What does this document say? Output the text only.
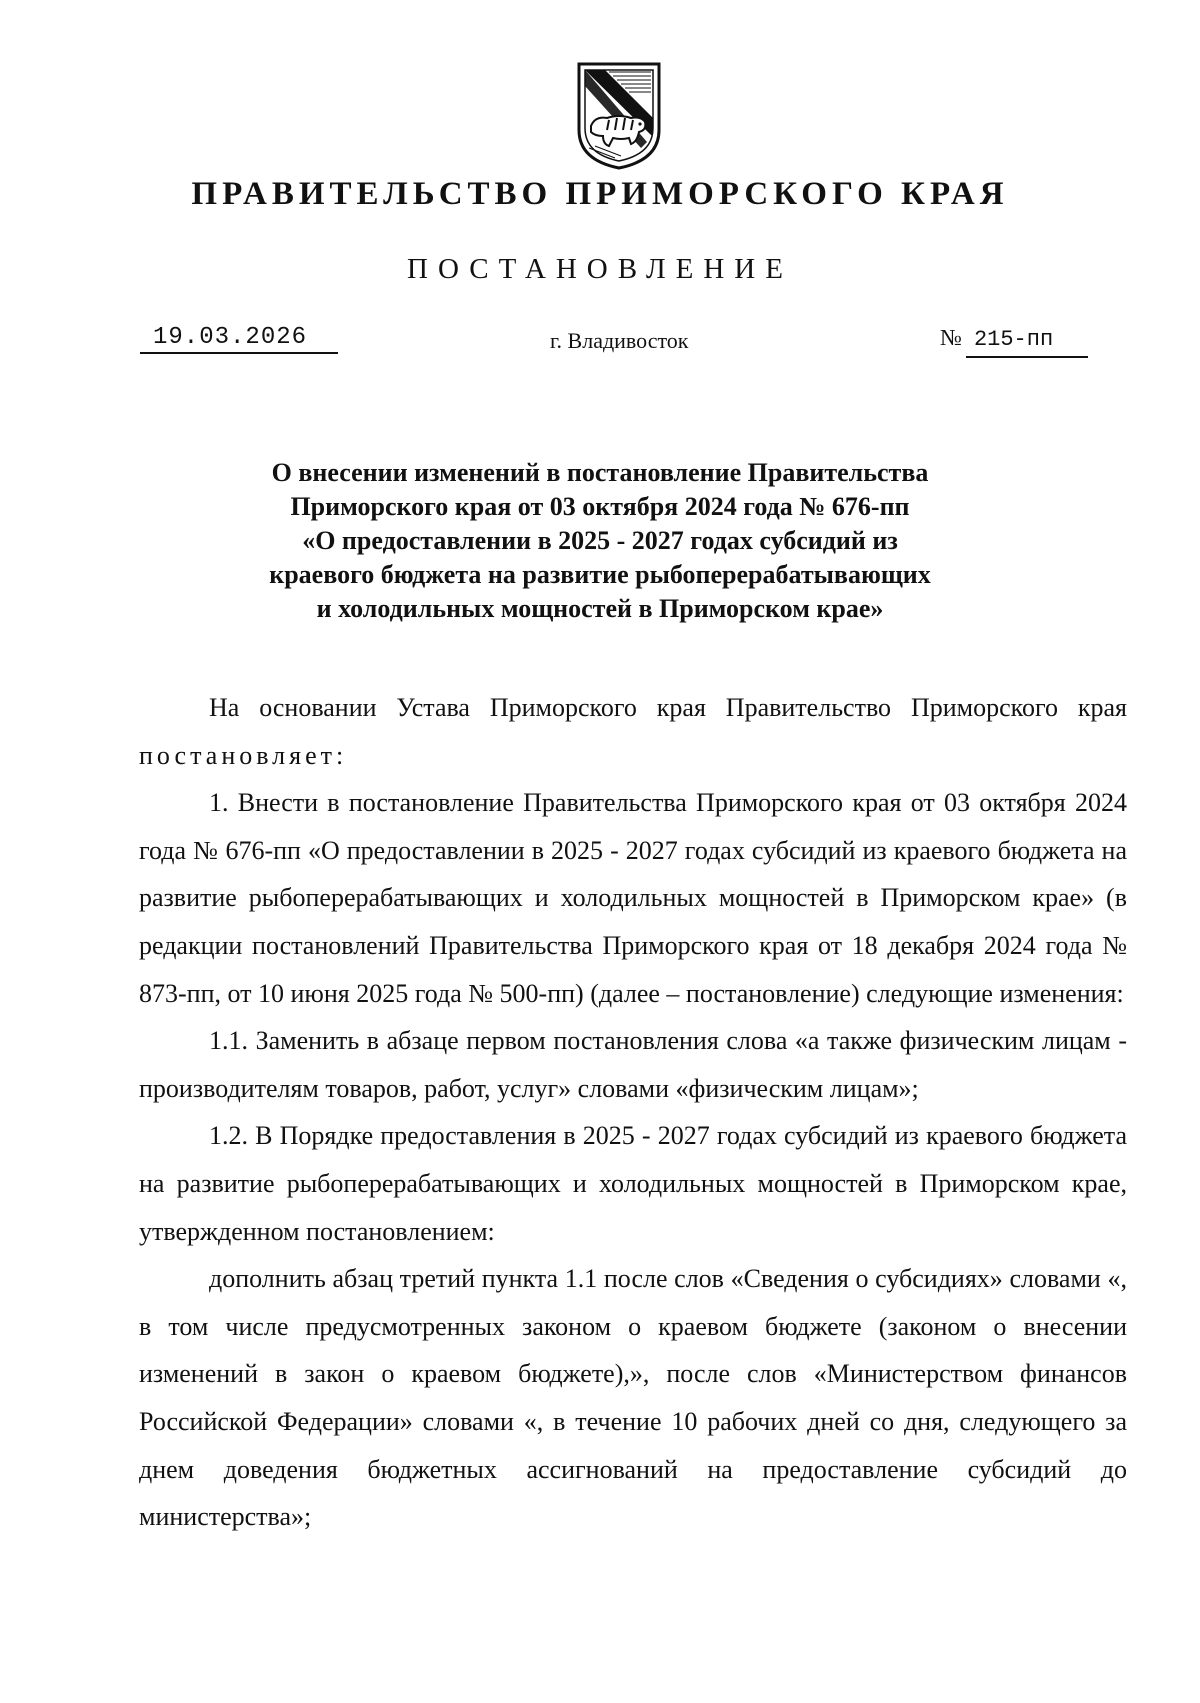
ПРАВИТЕЛЬСТВО ПРИМОРСКОГО КРАЯ
ПОСТАНОВЛЕНИЕ
19.03.2026	г. Владивосток	№ 215-пп
О внесении изменений в постановление Правительства
Приморского края от 03 октября 2024 года № 676-пп
«О предоставлении в 2025 - 2027 годах субсидий из
краевого бюджета на развитие рыбоперерабатывающих
и холодильных мощностей в Приморском крае»

На основании Устава Приморского края Правительство Приморского края постановляет:

1. Внести в постановление Правительства Приморского края от 03 октября 2024 года № 676-пп «О предоставлении в 2025 - 2027 годах субсидий из краевого бюджета на развитие рыбоперерабатывающих и холодильных мощностей в Приморском крае» (в редакции постановлений Правительства Приморского края от 18 декабря 2024 года № 873-пп, от 10 июня 2025 года № 500-пп) (далее – постановление) следующие изменения:

1.1. Заменить в абзаце первом постановления слова «а также физическим лицам - производителям товаров, работ, услуг» словами «физическим лицам»;

1.2. В Порядке предоставления в 2025 - 2027 годах субсидий из краевого бюджета на развитие рыбоперерабатывающих и холодильных мощностей в Приморском крае, утвержденном постановлением:

дополнить абзац третий пункта 1.1 после слов «Сведения о субсидиях» словами «, в том числе предусмотренных законом о краевом бюджете (законом о внесении изменений в закон о краевом бюджете),», после слов «Министерством финансов Российской Федерации» словами «, в течение 10 рабочих дней со дня, следующего за днем доведения бюджетных ассигнований на предоставление субсидий до министерства»;
